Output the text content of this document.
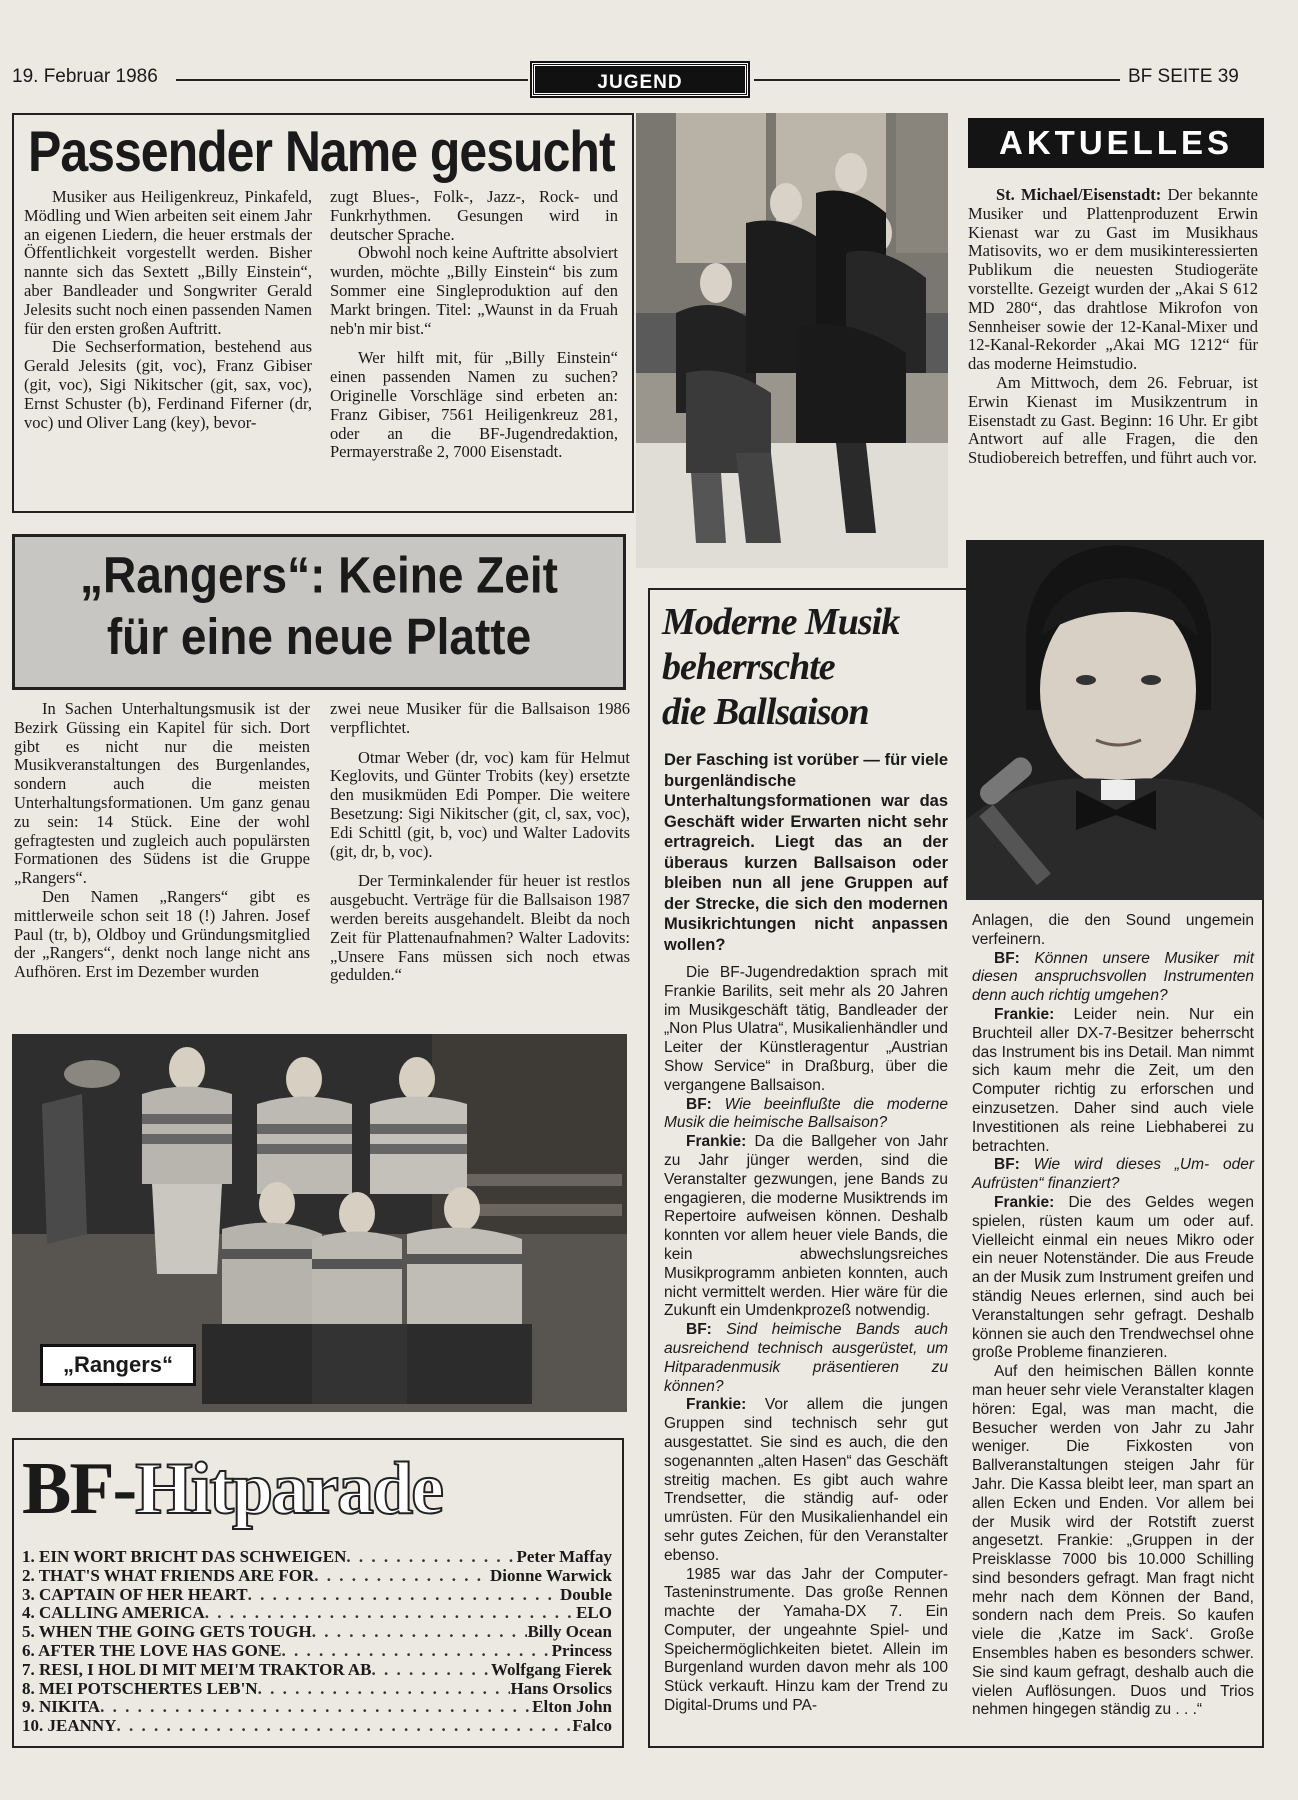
19. Februar 1986	JUGEND	BF SEITE 39
Passender Name gesucht

Musiker aus Heiligenkreuz, Pinkafeld, Mödling und Wien arbeiten seit einem Jahr an eigenen Liedern, die heuer erstmals der Öffentlichkeit vorgestellt werden. Bisher nannte sich das Sextett „Billy Einstein“, aber Bandleader und Songwriter Gerald Jelesits sucht noch einen passenden Namen für den ersten großen Auftritt.

Die Sechserformation, bestehend aus Gerald Jelesits (git, voc), Franz Gibiser (git, voc), Sigi Nikitscher (git, sax, voc), Ernst Schuster (b), Ferdinand Fiferner (dr, voc) und Oliver Lang (key), bevor-

zugt Blues-, Folk-, Jazz-, Rock- und Funkrhythmen. Gesungen wird in deutscher Sprache.

Obwohl noch keine Auftritte absolviert wurden, möchte „Billy Einstein“ bis zum Sommer eine Singleproduktion auf den Markt bringen. Titel: „Waunst in da Fruah neb'n mir bist.“

Wer hilft mit, für „Billy Einstein“ einen passenden Namen zu suchen? Originelle Vorschläge sind erbeten an: Franz Gibiser, 7561 Heiligenkreuz 281, oder an die BF-Jugendredaktion, Permayerstraße 2, 7000 Eisenstadt.

AKTUELLES

St. Michael/Eisenstadt: Der bekannte Musiker und Plattenproduzent Erwin Kienast war zu Gast im Musikhaus Matisovits, wo er dem musikinteressierten Publikum die neuesten Studiogeräte vorstellte. Gezeigt wurden der „Akai S 612 MD 280“, das drahtlose Mikrofon von Sennheiser sowie der 12-Kanal-Mixer und 12-Kanal-Rekorder „Akai MG 1212“ für das moderne Heimstudio.

Am Mittwoch, dem 26. Februar, ist Erwin Kienast im Musikzentrum in Eisenstadt zu Gast. Beginn: 16 Uhr. Er gibt Antwort auf alle Fragen, die den Studiobereich betreffen, und führt auch vor.

„Rangers“: Keine Zeit
für eine neue Platte

In Sachen Unterhaltungsmusik ist der Bezirk Güssing ein Kapitel für sich. Dort gibt es nicht nur die meisten Musikveranstaltungen des Burgenlandes, sondern auch die meisten Unterhaltungsformationen. Um ganz genau zu sein: 14 Stück. Eine der wohl gefragtesten und zugleich auch populärsten Formationen des Südens ist die Gruppe „Rangers“.

Den Namen „Rangers“ gibt es mittlerweile schon seit 18 (!) Jahren. Josef Paul (tr, b), Oldboy und Gründungsmitglied der „Rangers“, denkt noch lange nicht ans Aufhören. Erst im Dezember wurden

zwei neue Musiker für die Ballsaison 1986 verpflichtet.

Otmar Weber (dr, voc) kam für Helmut Keglovits, und Günter Trobits (key) ersetzte den musikmüden Edi Pomper. Die weitere Besetzung: Sigi Nikitscher (git, cl, sax, voc), Edi Schittl (git, b, voc) und Walter Ladovits (git, dr, b, voc).

Der Terminkalender für heuer ist restlos ausgebucht. Verträge für die Ballsaison 1987 werden bereits ausgehandelt. Bleibt da noch Zeit für Plattenaufnahmen? Walter Ladovits: „Unsere Fans müssen sich noch etwas gedulden.“

„Rangers“
BF-Hitparade
1. EIN WORT BRICHT DAS SCHWEIGEN . . .	Peter Maffay
2. THAT'S WHAT FRIENDS ARE FOR . . .	Dionne Warwick
3. CAPTAIN OF HER HEART . . .	Double
4. CALLING AMERICA . . .	ELO
5. WHEN THE GOING GETS TOUGH . . .	Billy Ocean
6. AFTER THE LOVE HAS GONE . . .	Princess
7. RESI, I HOL DI MIT MEI'M TRAKTOR AB . . .	Wolfgang Fierek
8. MEI POTSCHERTES LEB'N . . .	Hans Orsolics
9. NIKITA . . .	Elton John
10. JEANNY . . .	Falco
Moderne Musik
beherrschte
die Ballsaison
Der Fasching ist vorüber — für viele burgenländische Unterhaltungsformationen war das Geschäft wider Erwarten nicht sehr ertragreich. Liegt das an der überaus kurzen Ballsaison oder bleiben nun all jene Gruppen auf der Strecke, die sich den modernen Musikrichtungen nicht anpassen wollen?

Die BF-Jugendredaktion sprach mit Frankie Barilits, seit mehr als 20 Jahren im Musikgeschäft tätig, Bandleader der „Non Plus Ulatra“, Musikalienhändler und Leiter der Künstleragentur „Austrian Show Service“ in Draßburg, über die vergangene Ballsaison.

BF: Wie beeinflußte die moderne Musik die heimische Ballsaison?

Frankie: Da die Ballgeher von Jahr zu Jahr jünger werden, sind die Veranstalter gezwungen, jene Bands zu engagieren, die moderne Musiktrends im Repertoire aufweisen können. Deshalb konnten vor allem heuer viele Bands, die kein abwechslungsreiches Musikprogramm anbieten konnten, auch nicht vermittelt werden. Hier wäre für die Zukunft ein Umdenkprozeß notwendig.

BF: Sind heimische Bands auch ausreichend technisch ausgerüstet, um Hitparadenmusik präsentieren zu können?

Frankie: Vor allem die jungen Gruppen sind technisch sehr gut ausgestattet. Sie sind es auch, die den sogenannten „alten Hasen“ das Geschäft streitig machen. Es gibt auch wahre Trendsetter, die ständig auf- oder umrüsten. Für den Musikalienhandel ein sehr gutes Zeichen, für den Veranstalter ebenso.

1985 war das Jahr der Computer-Tasteninstrumente. Das große Rennen machte der Yamaha-DX 7. Ein Computer, der ungeahnte Spiel- und Speichermöglichkeiten bietet. Allein im Burgenland wurden davon mehr als 100 Stück verkauft. Hinzu kam der Trend zu Digital-Drums und PA-

Anlagen, die den Sound ungemein verfeinern.

BF: Können unsere Musiker mit diesen anspruchsvollen Instrumenten denn auch richtig umgehen?

Frankie: Leider nein. Nur ein Bruchteil aller DX-7-Besitzer beherrscht das Instrument bis ins Detail. Man nimmt sich kaum mehr die Zeit, um den Computer richtig zu erforschen und einzusetzen. Daher sind auch viele Investitionen als reine Liebhaberei zu betrachten.

BF: Wie wird dieses „Um- oder Aufrüsten“ finanziert?

Frankie: Die des Geldes wegen spielen, rüsten kaum um oder auf. Vielleicht einmal ein neues Mikro oder ein neuer Notenständer. Die aus Freude an der Musik zum Instrument greifen und ständig Neues erlernen, sind auch bei Veranstaltungen sehr gefragt. Deshalb können sie auch den Trendwechsel ohne große Probleme finanzieren.

Auf den heimischen Bällen konnte man heuer sehr viele Veranstalter klagen hören: Egal, was man macht, die Besucher werden von Jahr zu Jahr weniger. Die Fixkosten von Ballveranstaltungen steigen Jahr für Jahr. Die Kassa bleibt leer, man spart an allen Ecken und Enden. Vor allem bei der Musik wird der Rotstift zuerst angesetzt. Frankie: „Gruppen in der Preisklasse 7000 bis 10.000 Schilling sind besonders gefragt. Man fragt nicht mehr nach dem Können der Band, sondern nach dem Preis. So kaufen viele die ‚Katze im Sack‘. Große Ensembles haben es besonders schwer. Sie sind kaum gefragt, deshalb auch die vielen Auflösungen. Duos und Trios nehmen hingegen ständig zu . . .“
